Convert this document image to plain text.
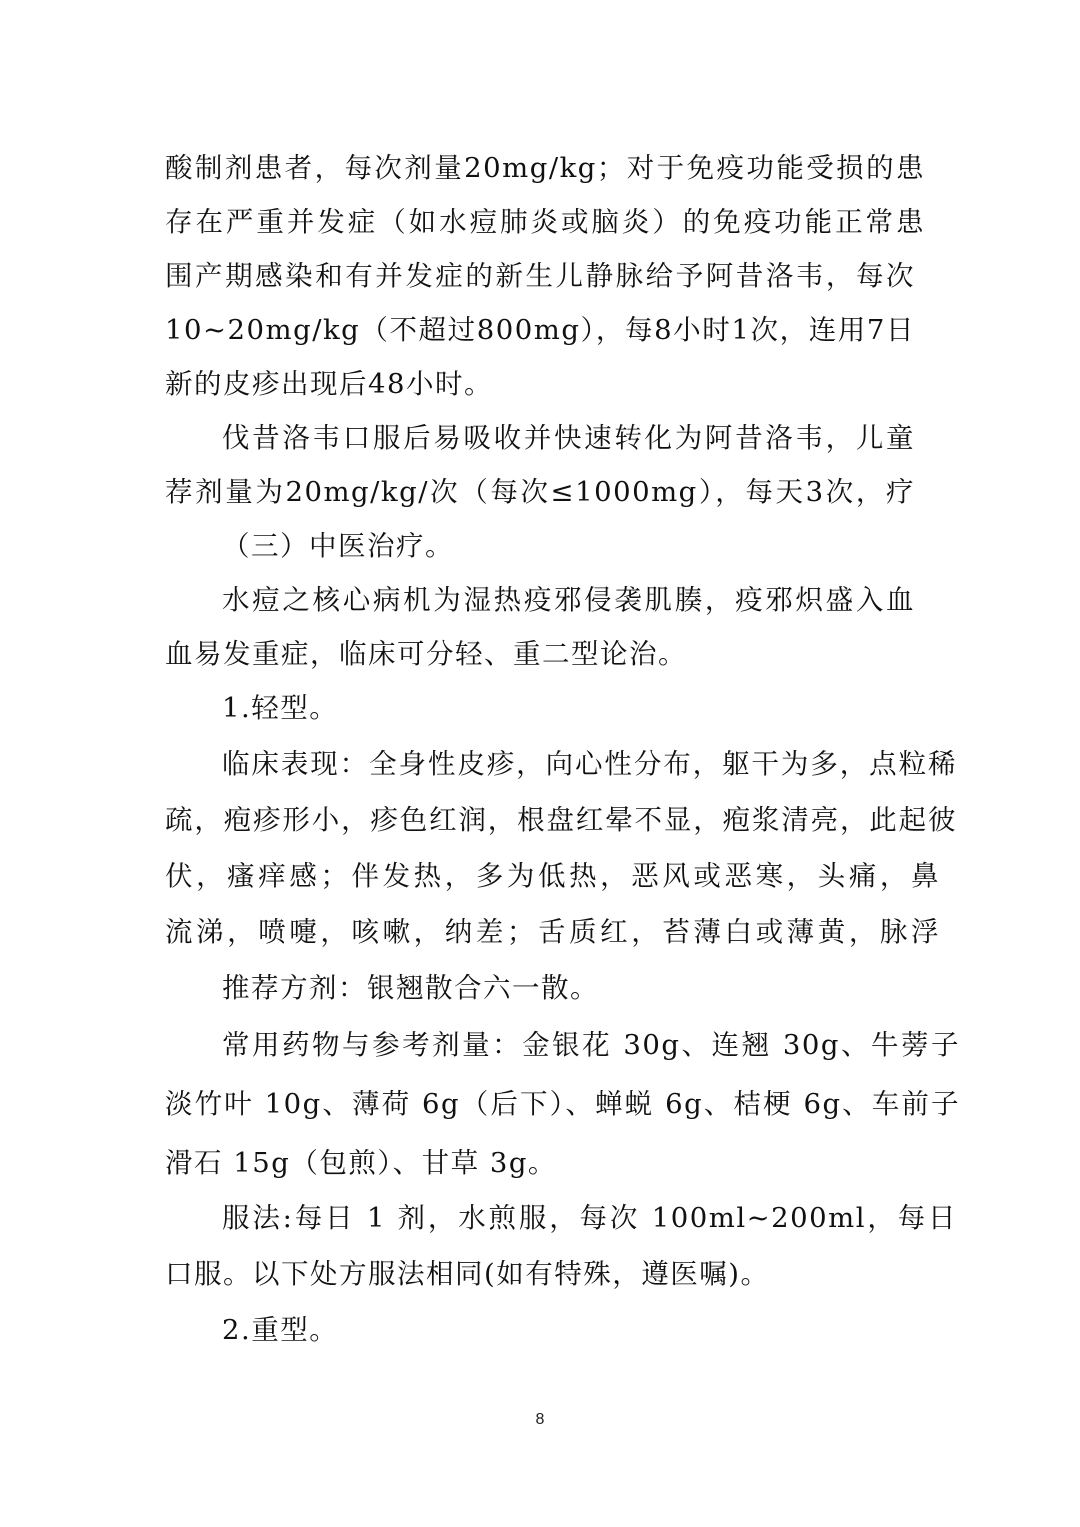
酸制剂患者，每次剂量20mg/kg；对于免疫功能受损的患
存在严重并发症（如水痘肺炎或脑炎）的免疫功能正常患
围产期感染和有并发症的新生儿静脉给予阿昔洛韦，每次
10~20mg/kg（不超过800mg），每8小时1次，连用7日
新的皮疹出现后48小时。
伐昔洛韦口服后易吸收并快速转化为阿昔洛韦，儿童
荐剂量为20mg/kg/次（每次≤1000mg），每天3次，疗
（三）中医治疗。
水痘之核心病机为湿热疫邪侵袭肌腠，疫邪炽盛入血
血易发重症，临床可分轻、重二型论治。
1.轻型。
临床表现：全身性皮疹，向心性分布，躯干为多，点粒稀
疏，疱疹形小，疹色红润，根盘红晕不显，疱浆清亮，此起彼
伏，瘙痒感；伴发热，多为低热，恶风或恶寒，头痛，鼻
流涕，喷嚏，咳嗽，纳差；舌质红，苔薄白或薄黄，脉浮
推荐方剂：银翘散合六一散。
常用药物与参考剂量：金银花 30g、连翘 30g、牛蒡子
淡竹叶 10g、薄荷 6g（后下）、蝉蜕 6g、桔梗 6g、车前子
滑石 15g（包煎）、甘草 3g。
服法:每日 1 剂，水煎服，每次 100ml~200ml，每日
口服。以下处方服法相同(如有特殊，遵医嘱)。
2.重型。
8
